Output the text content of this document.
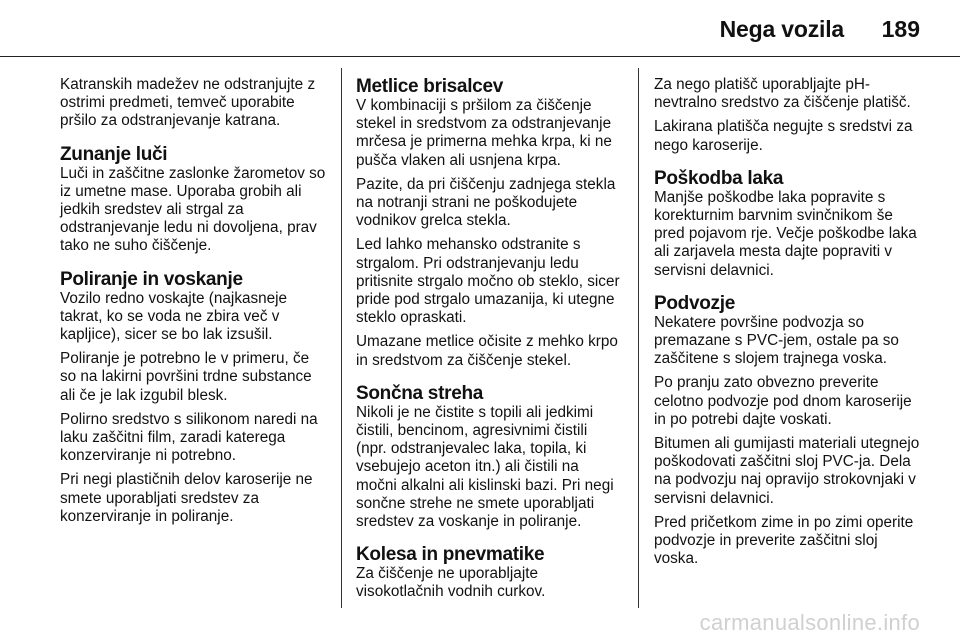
Nega vozila 189

Katranskih madežev ne odstranjujte z ostrimi predmeti, temveč uporabite pršilo za odstranjevanje katrana.

Zunanje luči

Luči in zaščitne zaslonke žarometov so iz umetne mase. Uporaba grobih ali jedkih sredstev ali strgal za odstranjevanje ledu ni dovoljena, prav tako ne suho čiščenje.

Poliranje in voskanje

Vozilo redno voskajte (najkasneje takrat, ko se voda ne zbira več v kapljice), sicer se bo lak izsušil.

Poliranje je potrebno le v primeru, če so na lakirni površini trdne substance ali če je lak izgubil blesk.

Polirno sredstvo s silikonom naredi na laku zaščitni film, zaradi katerega konzerviranje ni potrebno.

Pri negi plastičnih delov karoserije ne smete uporabljati sredstev za konzerviranje in poliranje.

Metlice brisalcev

V kombinaciji s pršilom za čiščenje stekel in sredstvom za odstranjevanje mrčesa je primerna mehka krpa, ki ne pušča vlaken ali usnjena krpa.

Pazite, da pri čiščenju zadnjega stekla na notranji strani ne poškodujete vodnikov grelca stekla.

Led lahko mehansko odstranite s strgalom. Pri odstranjevanju ledu pritisnite strgalo močno ob steklo, sicer pride pod strgalo umazanija, ki utegne steklo opraskati.

Umazane metlice očisite z mehko krpo in sredstvom za čiščenje stekel.

Sončna streha

Nikoli je ne čistite s topili ali jedkimi čistili, bencinom, agresivnimi čistili (npr. odstranjevalec laka, topila, ki vsebujejo aceton itn.) ali čistili na močni alkalni ali kislinski bazi. Pri negi sončne strehe ne smete uporabljati sredstev za voskanje in poliranje.

Kolesa in pnevmatike

Za čiščenje ne uporabljajte visokotlačnih vodnih curkov.

Za nego platišč uporabljajte pH-nevtralno sredstvo za čiščenje platišč.

Lakirana platišča negujte s sredstvi za nego karoserije.

Poškodba laka

Manjše poškodbe laka popravite s korekturnim barvnim svinčnikom še pred pojavom rje. Večje poškodbe laka ali zarjavela mesta dajte popraviti v servisni delavnici.

Podvozje

Nekatere površine podvozja so premazane s PVC-jem, ostale pa so zaščitene s slojem trajnega voska.

Po pranju zato obvezno preverite celotno podvozje pod dnom karoserije in po potrebi dajte voskati.

Bitumen ali gumijasti materiali utegnejo poškodovati zaščitni sloj PVC-ja. Dela na podvozju naj opravijo strokovnjaki v servisni delavnici.

Pred pričetkom zime in po zimi operite podvozje in preverite zaščitni sloj voska.

carmanualsonline.info
